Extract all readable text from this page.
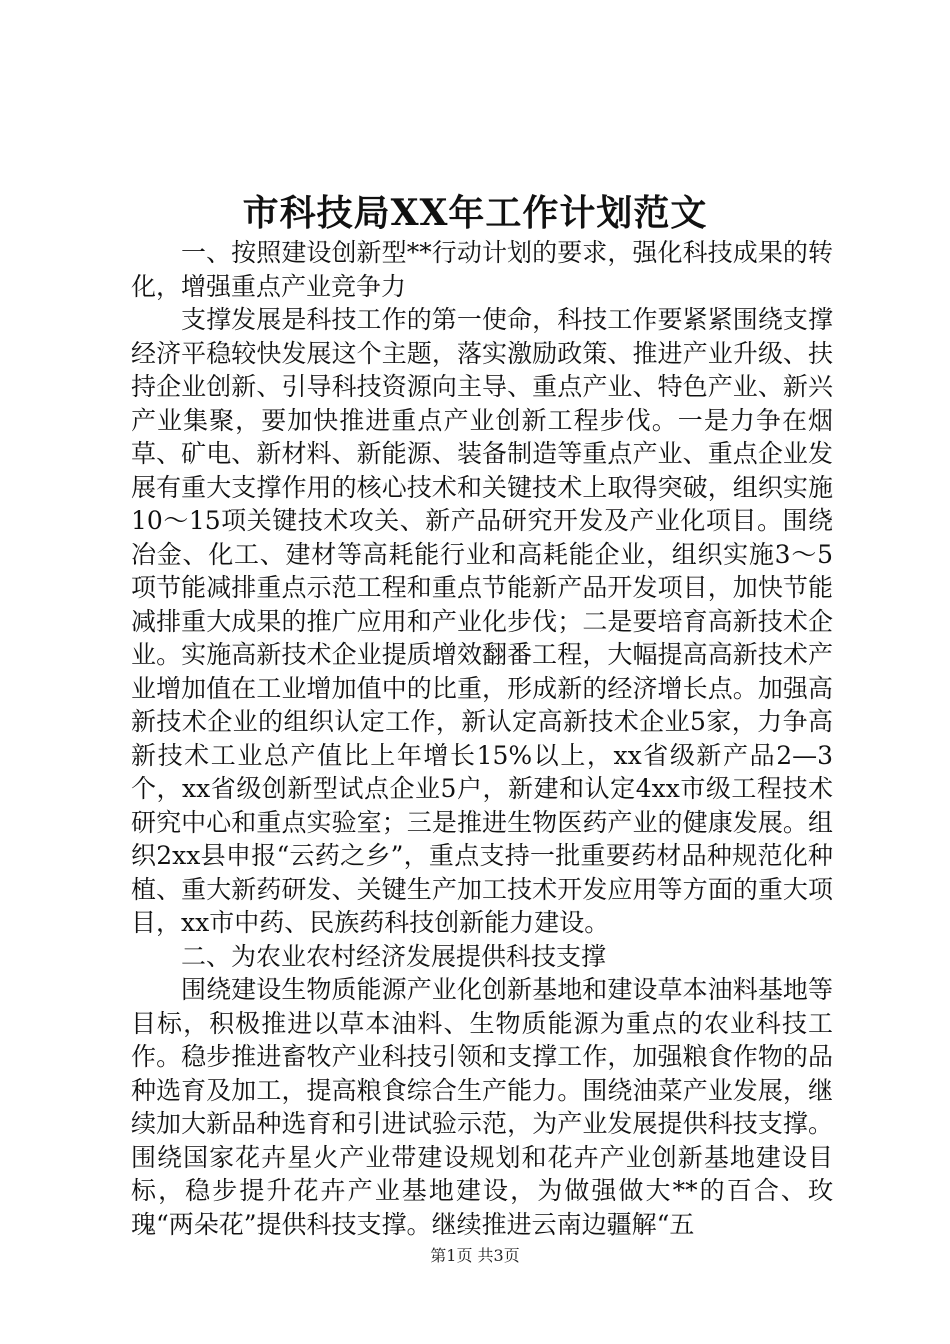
市科技局XX年工作计划范文

一、按照建设创新型**行动计划的要求，强化科技成果的转化，增强重点产业竞争力

支撑发展是科技工作的第一使命，科技工作要紧紧围绕支撑经济平稳较快发展这个主题，落实激励政策、推进产业升级、扶持企业创新、引导科技资源向主导、重点产业、特色产业、新兴产业集聚，要加快推进重点产业创新工程步伐。一是力争在烟草、矿电、新材料、新能源、装备制造等重点产业、重点企业发展有重大支撑作用的核心技术和关键技术上取得突破，组织实施10～15项关键技术攻关、新产品研究开发及产业化项目。围绕冶金、化工、建材等高耗能行业和高耗能企业，组织实施3～5项节能减排重点示范工程和重点节能新产品开发项目，加快节能减排重大成果的推广应用和产业化步伐；二是要培育高新技术企业。实施高新技术企业提质增效翻番工程，大幅提高高新技术产业增加值在工业增加值中的比重，形成新的经济增长点。加强高新技术企业的组织认定工作，新认定高新技术企业5家，力争高新技术工业总产值比上年增长15%以上，xx省级新产品2—3个，xx省级创新型试点企业5户，新建和认定4xx市级工程技术研究中心和重点实验室；三是推进生物医药产业的健康发展。组织2xx县申报“云药之乡”，重点支持一批重要药材品种规范化种植、重大新药研发、关键生产加工技术开发应用等方面的重大项目，xx市中药、民族药科技创新能力建设。

二、为农业农村经济发展提供科技支撑

围绕建设生物质能源产业化创新基地和建设草本油料基地等目标，积极推进以草本油料、生物质能源为重点的农业科技工作。稳步推进畜牧产业科技引领和支撑工作，加强粮食作物的品种选育及加工，提高粮食综合生产能力。围绕油菜产业发展，继续加大新品种选育和引进试验示范，为产业发展提供科技支撑。围绕国家花卉星火产业带建设规划和花卉产业创新基地建设目标，稳步提升花卉产业基地建设，为做强做大**的百合、玫瑰“两朵花”提供科技支撑。继续推进云南边疆解“五

第1页 共3页
